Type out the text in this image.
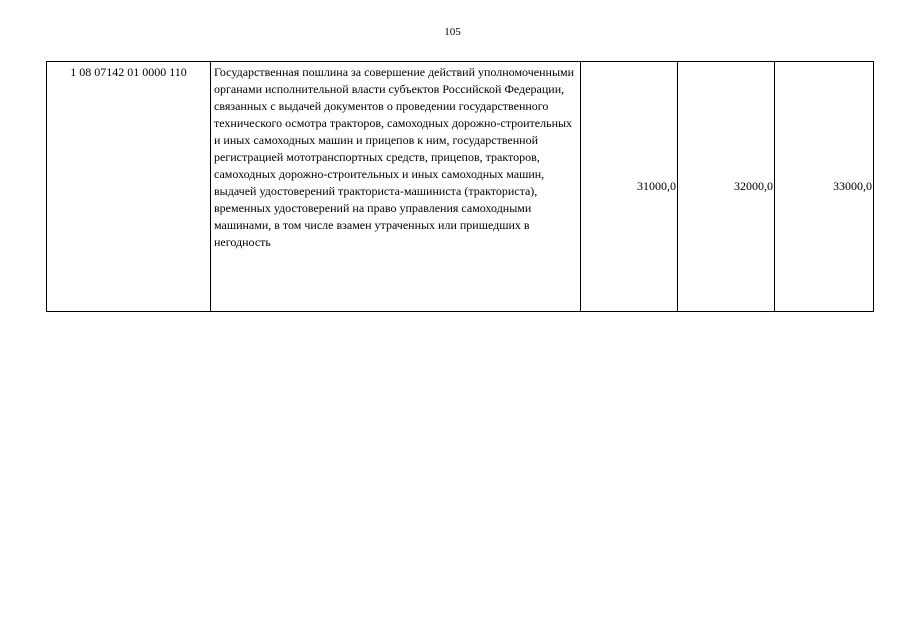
105
1 08 07142 01 0000 110	Государственная пошлина за совершение действий уполномоченными органами исполнительной власти субъектов Российской Федерации, связанных с выдачей документов о проведении государственного технического осмотра тракторов, самоходных дорожно-строительных и иных самоходных машин и прицепов к ним, государственной регистрацией мототранспортных средств, прицепов, тракторов, самоходных дорожно-строительных и иных самоходных машин, выдачей удостоверений тракториста-машиниста (тракториста), временных удостоверений на право управления самоходными машинами, в том числе взамен утраченных или пришедших в негодность	31000,0	32000,0	33000,0
